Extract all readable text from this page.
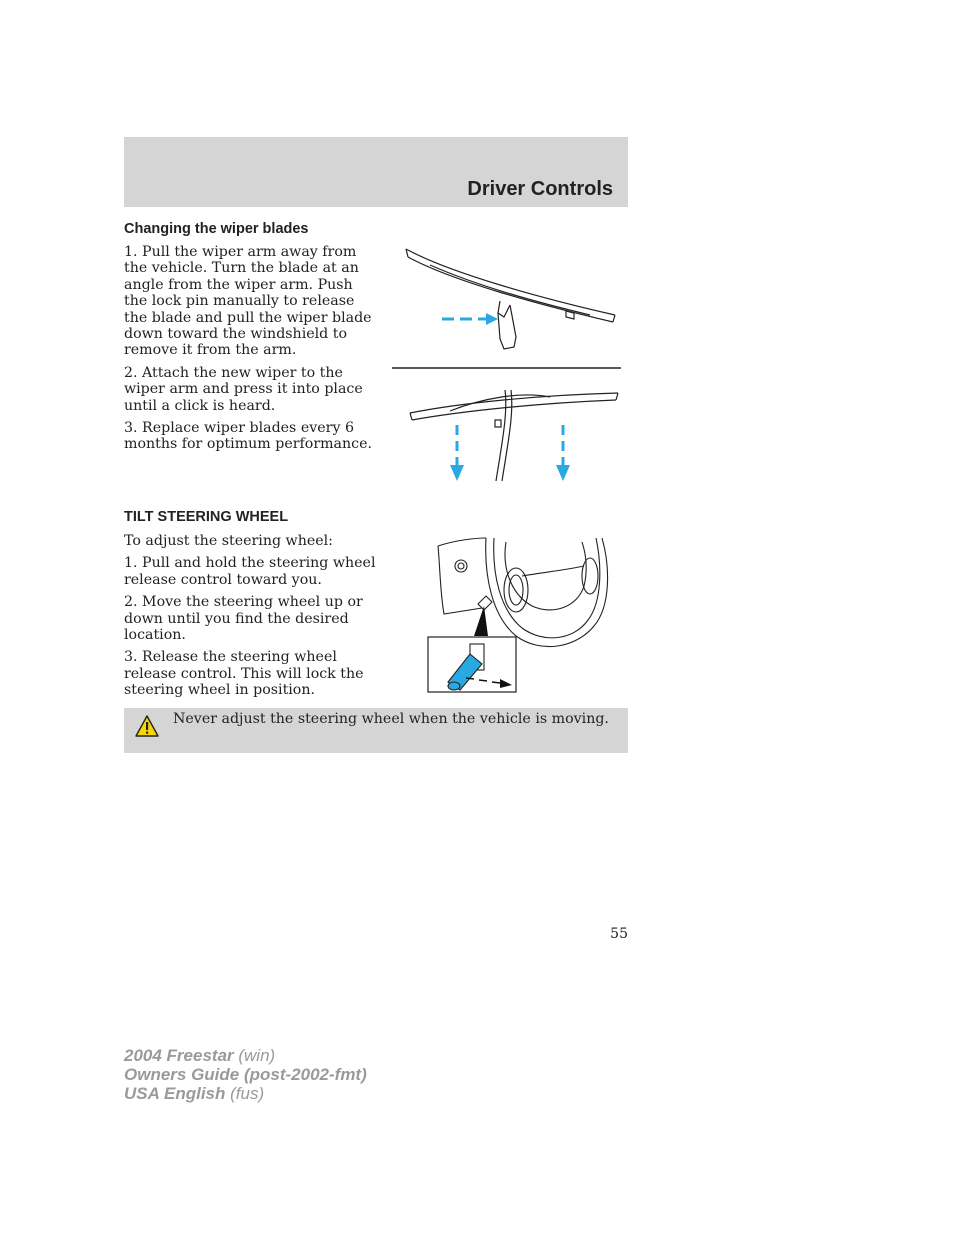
Driver Controls
Changing the wiper blades

1. Pull the wiper arm away from the vehicle. Turn the blade at an angle from the wiper arm. Push the lock pin manually to release the blade and pull the wiper blade down toward the windshield to remove it from the arm.

2. Attach the new wiper to the wiper arm and press it into place until a click is heard.

3. Replace wiper blades every 6 months for optimum performance.

TILT STEERING WHEEL

To adjust the steering wheel:

1. Pull and hold the steering wheel release control toward you.

2. Move the steering wheel up or down until you find the desired location.

3. Release the steering wheel release control. This will lock the steering wheel in position.

Never adjust the steering wheel when the vehicle is moving.
55
2004 Freestar (win)
Owners Guide (post-2002-fmt)
USA English (fus)
